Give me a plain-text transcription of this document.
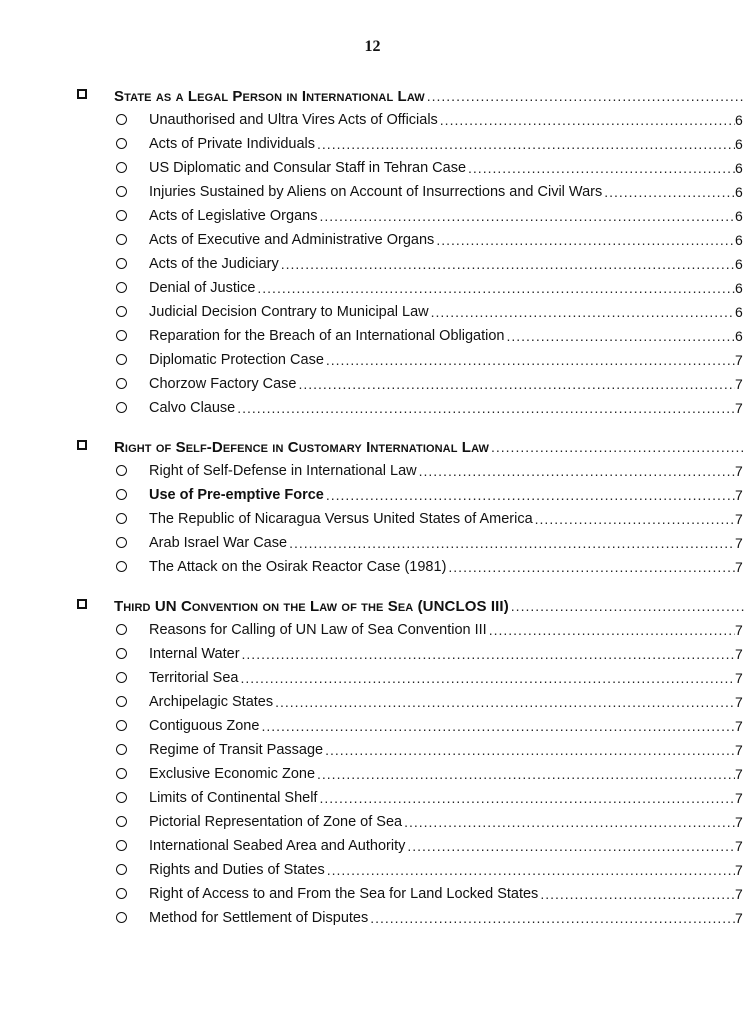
12
State as a Legal Person in International Law
.....
Unauthorised and Ultra Vires Acts of Officials .....	6
Acts of Private Individuals .....	6
US Diplomatic and Consular Staff in Tehran Case .....	6
Injuries Sustained by Aliens on Account of Insurrections and Civil Wars .....	6
Acts of Legislative Organs .....	6
Acts of Executive and Administrative Organs .....	6
Acts of the Judiciary .....	6
Denial of Justice .....	6
Judicial Decision Contrary to Municipal Law .....	6
Reparation for the Breach of an International Obligation .....	6
Diplomatic Protection Case .....	7
Chorzow Factory Case .....	7
Calvo Clause .....	7
Right of Self-Defence in Customary International Law
.....
Right of Self-Defense in International Law .....	7
Use of Pre-emptive Force .....	7
The Republic of Nicaragua Versus United States of America .....	7
Arab Israel War Case .....	7
The Attack on the Osirak Reactor Case (1981) .....	7
Third UN Convention on the Law of the Sea (UNCLOS III)
.....
Reasons for Calling of UN Law of Sea Convention III .....	7
Internal Water .....	7
Territorial Sea .....	7
Archipelagic States .....	7
Contiguous Zone .....	7
Regime of Transit Passage .....	7
Exclusive Economic Zone .....	7
Limits of Continental Shelf .....	7
Pictorial Representation of Zone of Sea .....	7
International Seabed Area and Authority .....	7
Rights and Duties of States .....	7
Right of Access to and From the Sea for Land Locked States .....	7
Method for Settlement of Disputes .....	7
